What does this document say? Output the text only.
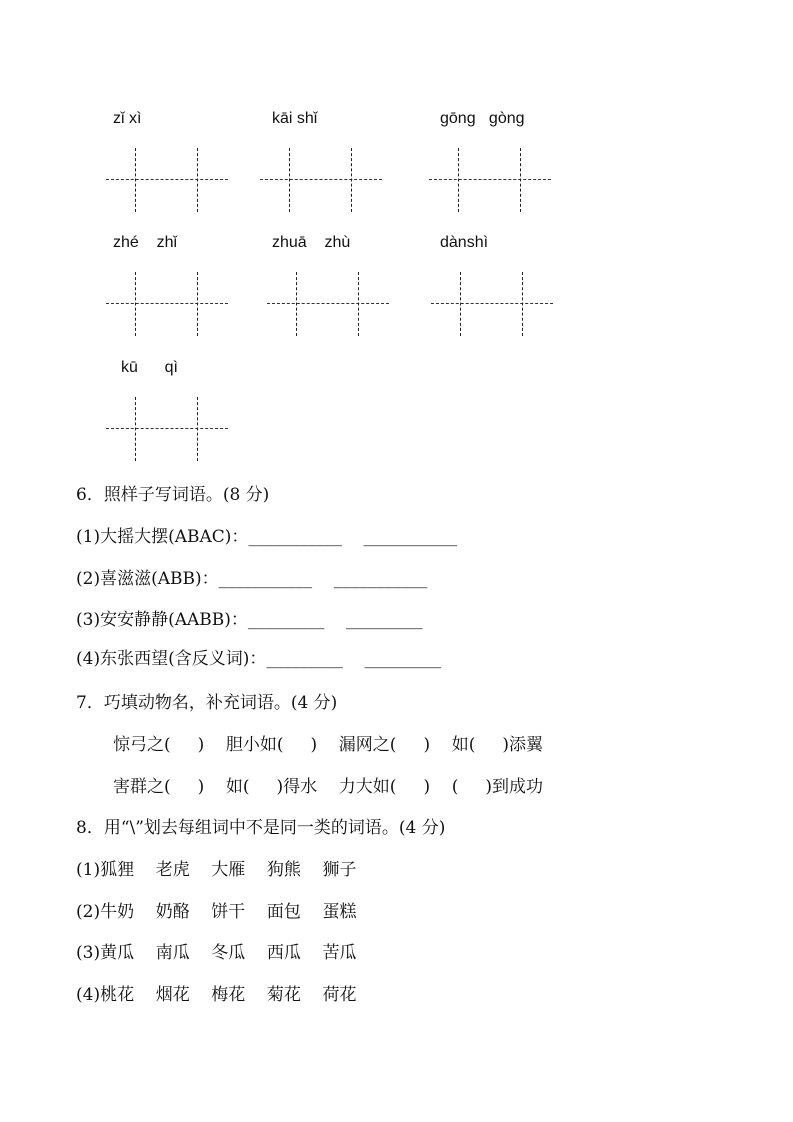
zǐ xì	kāi shǐ	gōng   gòng
zhé    zhǐ	zhuā    zhù	dànshì
kū      qì
6．照样子写词语。(8 分)
(1)大摇大摆(ABAC)：___________    ___________
(2)喜滋滋(ABB)：___________    ___________
(3)安安静静(AABB)：_________    _________
(4)东张西望(含反义词)：_________    _________
7．巧填动物名，补充词语。(4 分)
惊弓之(     )    胆小如(     )    漏网之(     )    如(     )添翼
害群之(     )    如(     )得水    力大如(     )    (     )到成功
8．用“\”划去每组词中不是同一类的词语。(4 分)
(1)狐狸    老虎    大雁    狗熊    狮子
(2)牛奶    奶酪    饼干    面包    蛋糕
(3)黄瓜    南瓜    冬瓜    西瓜    苦瓜
(4)桃花    烟花    梅花    菊花    荷花
